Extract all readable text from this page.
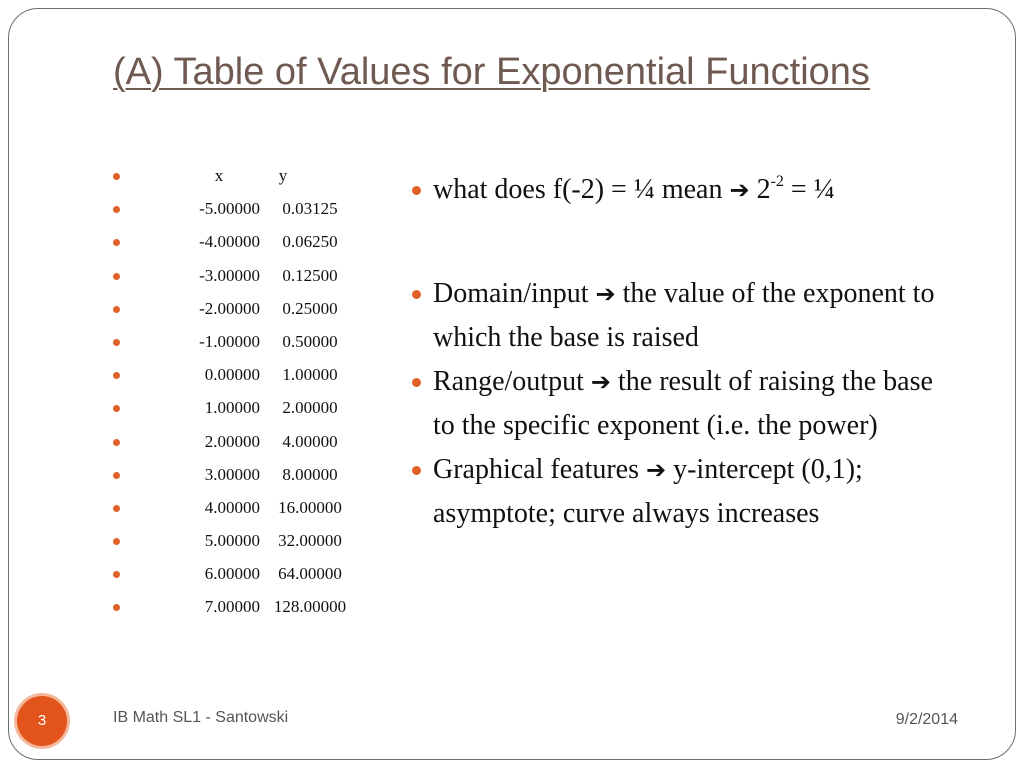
(A) Table of Values for Exponential Functions
x	y
-5.00000	0.03125
-4.00000	0.06250
-3.00000	0.12500
-2.00000	0.25000
-1.00000	0.50000
0.00000	1.00000
1.00000	2.00000
2.00000	4.00000
3.00000	8.00000
4.00000	16.00000
5.00000	32.00000
6.00000	64.00000
7.00000 128.00000
what does f(-2) = ¼ mean ➔ $2^{-2}$ = ¼
Domain/input ➔ the value of the exponent to which the base is raised
Range/output ➔ the result of raising the base to the specific exponent (i.e. the power)
Graphical features ➔ y-intercept (0,1); asymptote; curve always increases
3	IB Math SL1 - Santowski	9/2/2014
